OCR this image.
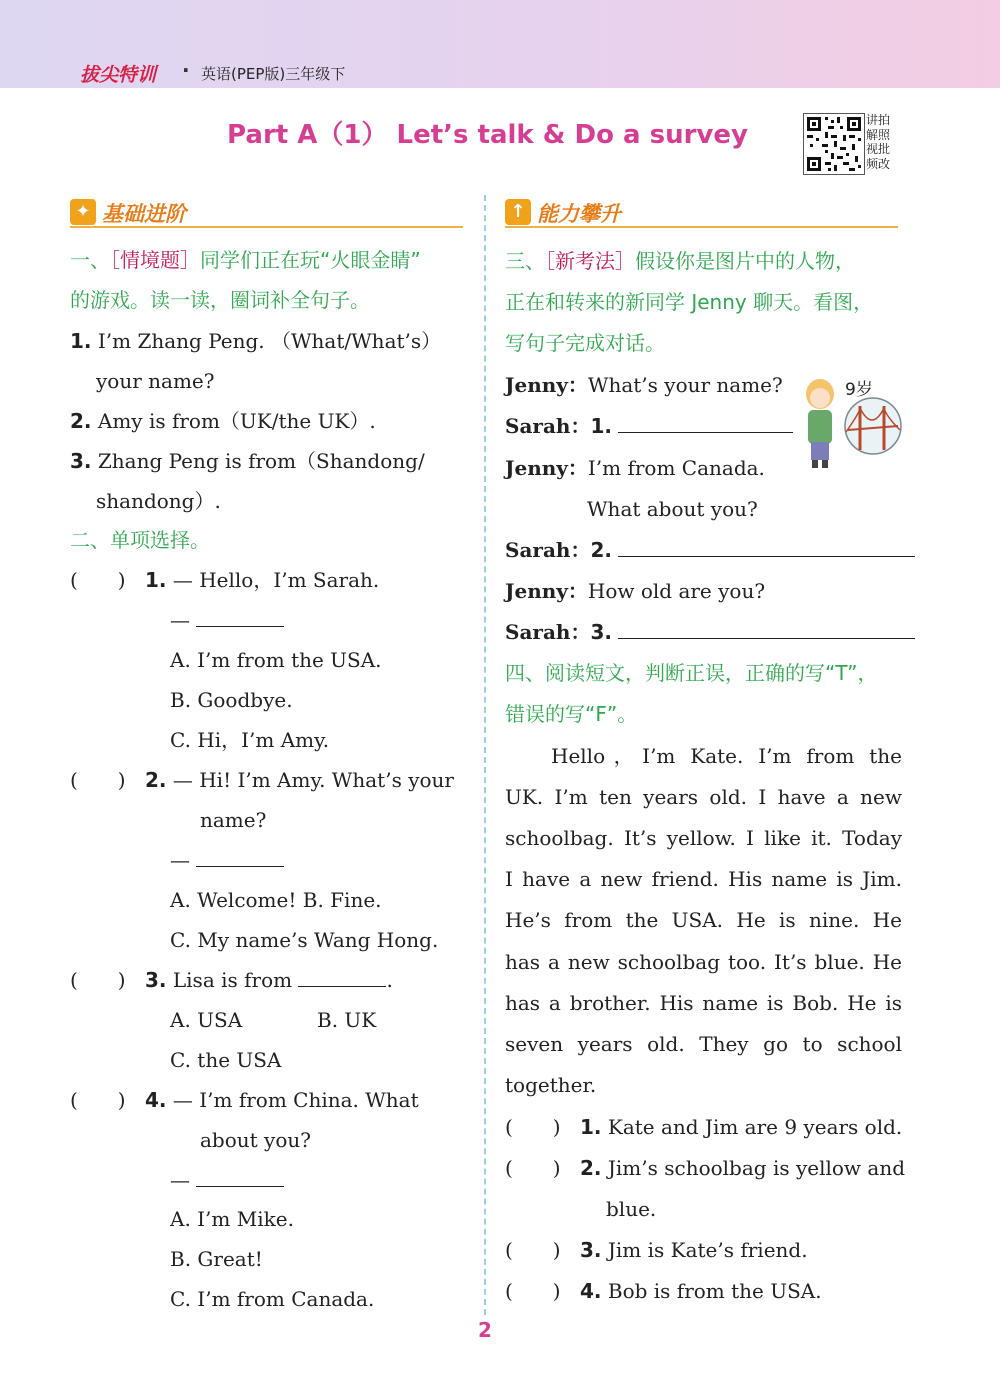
拔尖特训 · 英语(PEP版)三年级下
Part A（1） Let’s talk & Do a survey	讲拍
解照
视批
频改
✦ 基础进阶
一、［情境题］同学们正在玩“火眼金睛”
的游戏。读一读，圈词补全句子。
1. I’m Zhang Peng. （What/What’s）
your name?
2. Amy is from（UK/the UK）.
3. Zhang Peng is from（Shandong/
shandong）.
二、单项选择。
(　　) 1. — Hello，I’m Sarah.
—
A. I’m from the USA.
B. Goodbye.
C. Hi，I’m Amy.
(　　) 2. — Hi! I’m Amy. What’s your
name?
—
A. Welcome! B. Fine.
C. My name’s Wang Hong.
(　　) 3. Lisa is from	.
A. USA	B. UK
C. the USA
(　　) 4. — I’m from China. What
about you?
—
A. I’m Mike.
B. Great!
C. I’m from Canada.
↑ 能力攀升
三、［新考法］假设你是图片中的人物，
正在和转来的新同学 Jenny 聊天。看图，
写句子完成对话。
9岁
Jenny：What’s your name?
Sarah：1.
Jenny：I’m from Canada.
What about you?
Sarah：2.
Jenny：How old are you?
Sarah：3.
四、阅读短文，判断正误，正确的写“T”，
错误的写“F”。
Hello，I’m Kate. I’m from the
UK. I’m ten years old. I have a new
schoolbag. It’s yellow. I like it. Today
I have a new friend. His name is Jim.
He’s from the USA. He is nine. He
has a new schoolbag too. It’s blue. He
has a brother. His name is Bob. He is
seven years old. They go to school
together.
(　　) 1. Kate and Jim are 9 years old.
(　　) 2. Jim’s schoolbag is yellow and
blue.
(　　) 3. Jim is Kate’s friend.
(　　) 4. Bob is from the USA.
2
